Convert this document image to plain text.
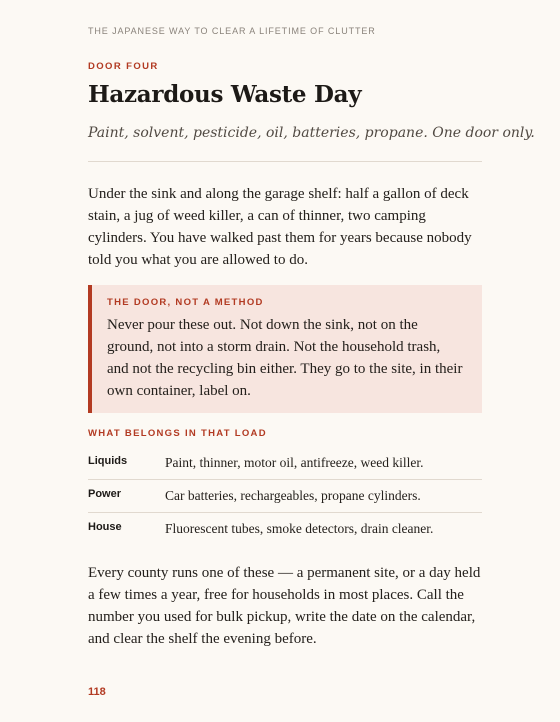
THE JAPANESE WAY TO CLEAR A LIFETIME OF CLUTTER
DOOR FOUR
Hazardous Waste Day

Paint, solvent, pesticide, oil, batteries, propane. One door only.

Under the sink and along the garage shelf: half a gallon of deck stain, a jug of weed killer, a can of thinner, two camping cylinders. You have walked past them for years because nobody told you what you are allowed to do.

THE DOOR, NOT A METHOD

Never pour these out. Not down the sink, not on the ground, not into a storm drain. Not the household trash, and not the recycling bin either. They go to the site, in their own container, label on.

WHAT BELONGS IN THAT LOAD
Liquids	Paint, thinner, motor oil, antifreeze, weed killer.
Power	Car batteries, rechargeables, propane cylinders.
House	Fluorescent tubes, smoke detectors, drain cleaner.

Every county runs one of these — a permanent site, or a day held a few times a year, free for households in most places. Call the number you used for bulk pickup, write the date on the calendar, and clear the shelf the evening before.

118
